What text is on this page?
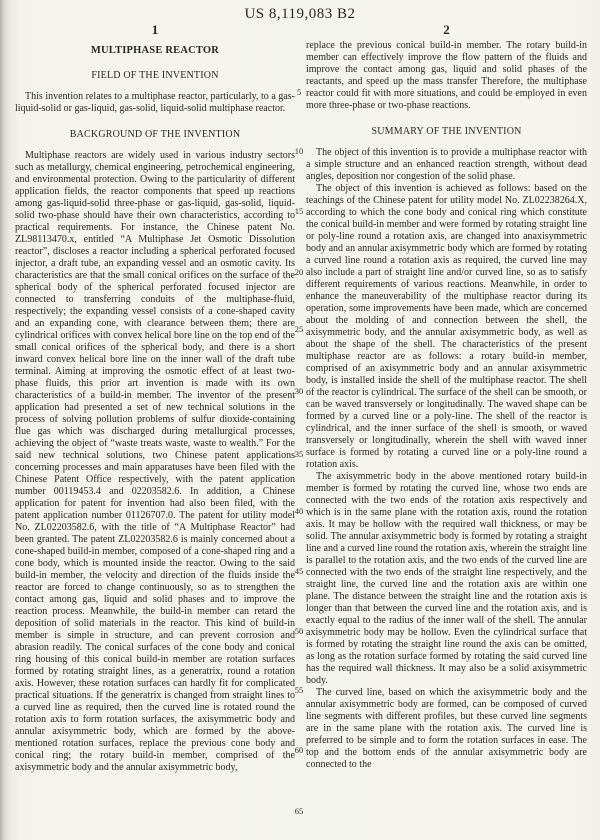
US 8,119,083 B2
5
10
15
20
25
30
35
40
45
50
55
60
65
1
MULTIPHASE REACTOR
FIELD OF THE INVENTION

This invention relates to a multiphase reactor, particularly, to a gas-liquid-solid or gas-liquid, gas-solid, liquid-solid multiphase reactor.

BACKGROUND OF THE INVENTION

Multiphase reactors are widely used in various industry sectors such as metallurgy, chemical engineering, petrochemical engineering, and environmental protection. Owing to the particularity of different application fields, the reactor components that speed up reactions among gas-liquid-solid three-phase or gas-liquid, gas-solid, liquid-solid two-phase should have their own characteristics, according to practical requirements. For instance, the Chinese patent No. ZL98113470.x, entitled “A Multiphase Jet Osmotic Dissolution reactor”, discloses a reactor including a spherical perforated focused injector, a draft tube, an expanding vessel and an osmotic cavity. Its characteristics are that the small conical orifices on the surface of the spherical body of the spherical perforated focused injector are connected to transferring conduits of the multiphase-fluid, respectively; the expanding vessel consists of a cone-shaped cavity and an expanding cone, with clearance between them; there are cylindrical orifices with convex helical bore line on the top end of the small conical orifices of the spherical body, and there is a short inward convex helical bore line on the inner wall of the draft tube terminal. Aiming at improving the osmotic effect of at least two-phase fluids, this prior art invention is made with its own characteristics of a build-in member. The inventor of the present application had presented a set of new technical solutions in the process of solving pollution problems of sulfur dioxide-containing flue gas which was discharged during metallurgical processes, achieving the object of “waste treats waste, waste to wealth.” For the said new technical solutions, two Chinese patent applications concerning processes and main apparatuses have been filed with the Chinese Patent Office respectively, with the patent application number 00119453.4 and 02203582.6. In addition, a Chinese application for patent for invention had also been filed, with the patent application number 01126707.0. The patent for utility model No. ZL02203582.6, with the title of “A Multiphase Reactor” had been granted. The patent ZL02203582.6 is mainly concerned about a cone-shaped build-in member, composed of a cone-shaped ring and a cone body, which is mounted inside the reactor. Owing to the said build-in member, the velocity and direction of the fluids inside the reactor are forced to change continuously, so as to strengthen the contact among gas, liquid and solid phases and to improve the reaction process. Meanwhile, the build-in member can retard the deposition of solid materials in the reactor. This kind of build-in member is simple in structure, and can prevent corrosion and abrasion readily. The conical surfaces of the cone body and conical ring housing of this conical build-in member are rotation surfaces formed by rotating straight lines, as a generatrix, round a rotation axis. However, these rotation surfaces can hardly fit for complicated practical situations. If the generatrix is changed from straight lines to a curved line as required, then the curved line is rotated round the rotation axis to form rotation surfaces, the axisymmetric body and annular axisymmetric body, which are formed by the above-mentioned rotation surfaces, replace the previous cone body and conical ring; the rotary build-in member, comprised of the axisymmetric body and the annular axisymmetric body,

2

replace the previous conical build-in member. The rotary build-in member can effectively improve the flow pattern of the fluids and improve the contact among gas, liquid and solid phases of the reactants, and speed up the mass transfer Therefore, the multiphase reactor could fit with more situations, and could be employed in even more three-phase or two-phase reactions.

SUMMARY OF THE INVENTION

The object of this invention is to provide a multiphase reactor with a simple structure and an enhanced reaction strength, without dead angles, deposition nor congestion of the solid phase.

The object of this invention is achieved as follows: based on the teachings of the Chinese patent for utility model No. ZL02238264.X, according to which the cone body and conical ring which constitute the conical build-in member and were formed by rotating straight line or poly-line round a rotation axis, are changed into anaxisymmetric body and an annular axisymmetric body which are formed by rotating a curved line round a rotation axis as required, the curved line may also include a part of straight line and/or curved line, so as to satisfy different requirements of various reactions. Meanwhile, in order to enhance the maneuverability of the multiphase reactor during its operation, some improvements have been made, which are concerned about the molding of and connection between the shell, the axisymmetric body, and the annular axisymmetric body, as well as about the shape of the shell. The characteristics of the present multiphase reactor are as follows: a rotary build-in member, comprised of an axisymmetric body and an annular axisymmetric body, is installed inside the shell of the multiphase reactor. The shell of the reactor is cylindrical. The surface of the shell can be smooth, or can be waved transversely or longitudinally. The waved shape can be formed by a curved line or a poly-line. The shell of the reactor is cylindrical, and the inner surface of the shell is smooth, or waved transversely or longitudinally, wherein the shell with waved inner surface is formed by rotating a curved line or a poly-line round a rotation axis.

The axisymmetric body in the above mentioned rotary build-in member is formed by rotating the curved line, whose two ends are connected with the two ends of the rotation axis respectively and which is in the same plane with the rotation axis, round the rotation axis. It may be hollow with the required wall thickness, or may be solid. The annular axisymmetric body is formed by rotating a straight line and a curved line round the rotation axis, wherein the straight line is parallel to the rotation axis, and the two ends of the curved line are connected with the two ends of the straight line respectively, and the straight line, the curved line and the rotation axis are within one plane. The distance between the straight line and the rotation axis is longer than that between the curved line and the rotation axis, and is exactly equal to the radius of the inner wall of the shell. The annular axisymmetric body may be hollow. Even the cylindrical surface that is formed by rotating the straight line round the axis can be omitted, as long as the rotation surface formed by rotating the said curved line has the required wall thickness. It may also be a solid axisymmetric body.

The curved line, based on which the axisymmetric body and the annular axisymmetric body are formed, can be composed of curved line segments with different profiles, but these curved line segments are in the same plane with the rotation axis. The curved line is preferred to be simple and to form the rotation surfaces in ease. The top and the bottom ends of the annular axisymmetric body are connected to the
